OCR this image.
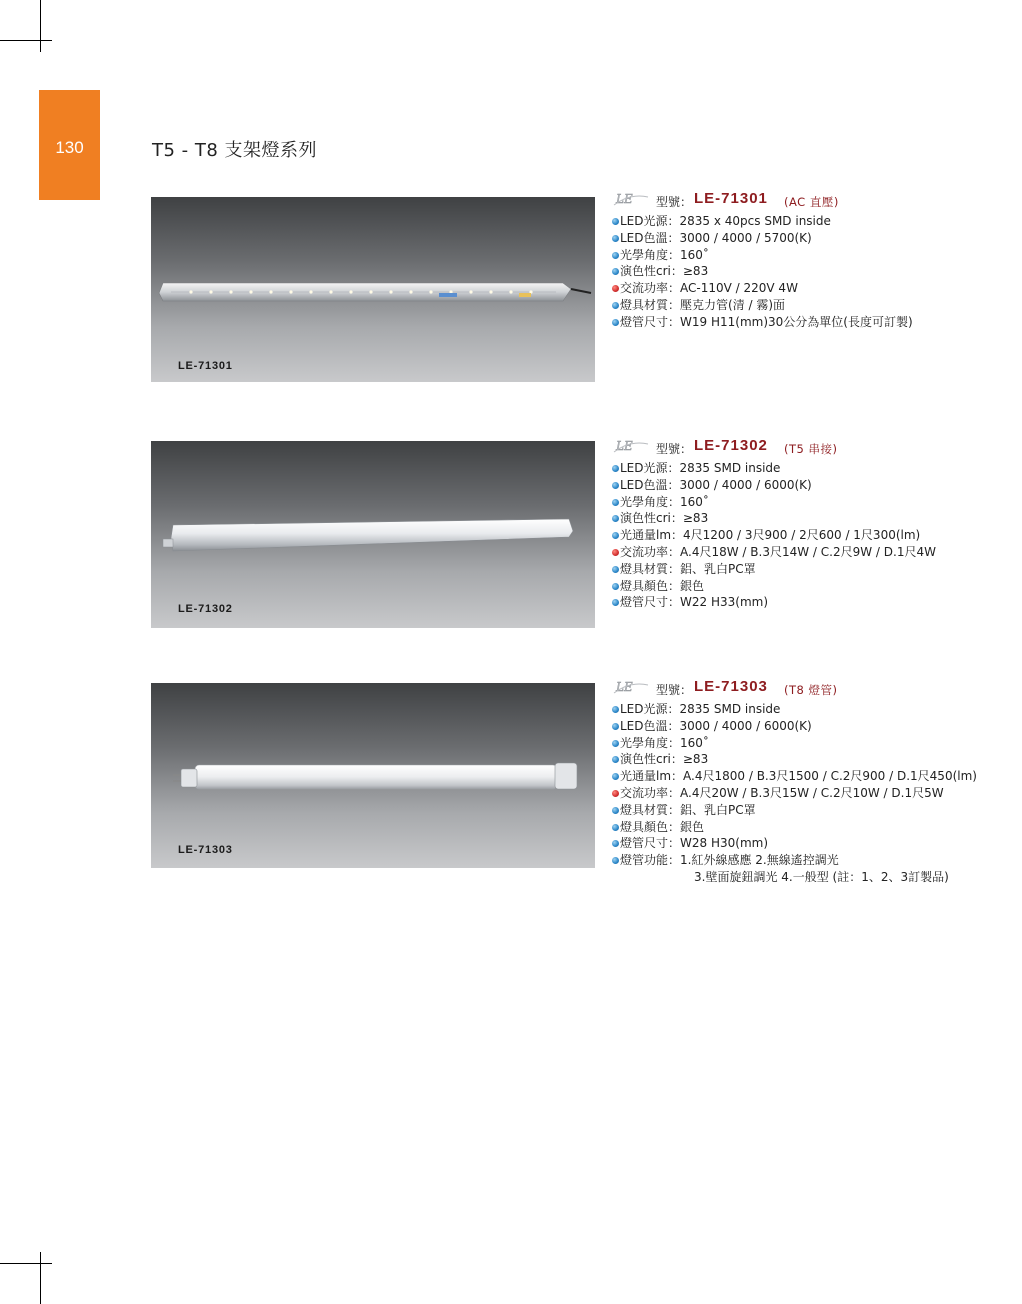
130	T5 - T8 支架燈系列
LE-71301
LE 型號： LE-71301 (AC 直壓)
LED光源：2835 x 40pcs SMD inside
LED色溫：3000 / 4000 / 5700(K)
光學角度：160˚
演色性cri：≥83
交流功率：AC-110V / 220V 4W
燈具材質：壓克力管(清 / 霧)面
燈管尺寸：W19 H11(mm)30公分為單位(長度可訂製)
LE-71302
LE 型號： LE-71302 (T5 串接)
LED光源：2835 SMD inside
LED色溫：3000 / 4000 / 6000(K)
光學角度：160˚
演色性cri：≥83
光通量lm：4尺1200 / 3尺900 / 2尺600 / 1尺300(lm)
交流功率：A.4尺18W / B.3尺14W / C.2尺9W / D.1尺4W
燈具材質：鋁、乳白PC罩
燈具顏色：銀色
燈管尺寸：W22 H33(mm)
LE-71303
LE 型號： LE-71303 (T8 燈管)
LED光源：2835 SMD inside
LED色溫：3000 / 4000 / 6000(K)
光學角度：160˚
演色性cri：≥83
光通量lm：A.4尺1800 / B.3尺1500 / C.2尺900 / D.1尺450(lm)
交流功率：A.4尺20W / B.3尺15W / C.2尺10W / D.1尺5W
燈具材質：鋁、乳白PC罩
燈具顏色：銀色
燈管尺寸：W28 H30(mm)
燈管功能：1.紅外線感應 2.無線遙控調光
3.壁面旋鈕調光 4.一般型 (註：1、2、3訂製品)
